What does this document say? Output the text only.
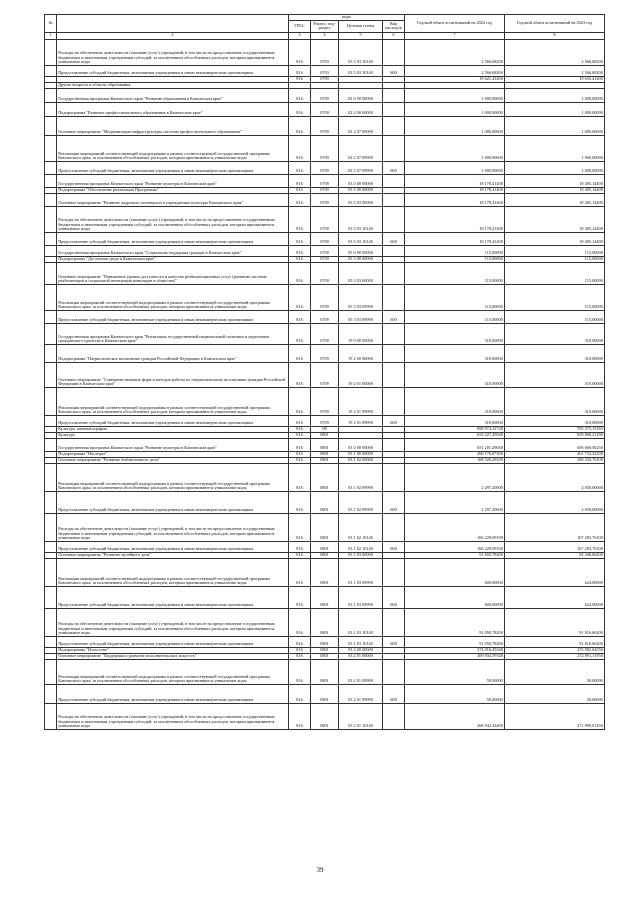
№		коды				Годовой объем ассигнований на 2022 год	Годовой объем ассигнований на 2023 год
		ГРБС	Раздел, под-раздел	Целевая статья	Вид расходов		
1	2	3	4	5	6	7	8
	Расходы на обеспечение деятельности (оказание услуг) учреждений, в том числе на предоставление государственным бюджетным и автономным учреждениям субсидий, за исключением обособленных расходов, которым присваиваются уникальные коды	816	0703	03 5 03 10140		2 566,68200	2 566,68200
	Предоставление субсидий бюджетным, автономным учреждениям и иным некоммерческим организациям	816	0703	03 5 03 10140	600	2 566,68200	2 566,68200
		816	0709			19 621,41400	19 635,41400
	Другие вопросы в области образования						
	Государственная программа Камчатского края "Развитие образования в Камчатском крае"	816	0709	02 0 00 00000		1 000,00000	1 000,00000
	Подпрограмма "Развитие профессионального образования в Камчатском крае"	816	0709	02 2 00 00000		1 000,00000	1 000,00000
	Основное мероприятие "Модернизация инфраструктуры системы профессионального образования"	816	0709	02 2 07 00000		1 000,00000	1 000,00000
	Реализация мероприятий соответствующей подпрограммы в рамках соответствующей государственной программы Камчатского края, за исключением обособленных расходов, которым присваиваются уникальные коды	816	0709	02 2 07 09990		1 000,00000	1 000,00000
	Предоставление субсидий бюджетным, автономным учреждениям и иным некоммерческим организациям	816	0709	02 2 07 09990	600	1 000,00000	1 000,00000
	Государственная программа Камчатского края "Развитие культуры в Камчатском крае"	816	0709	03 0 00 00000		18 178,41400	18 405,14400
	Подпрограмма "Обеспечение реализации Программы"	816	0709	03 5 00 00000		18 178,41400	18 405,14400
	Основное мероприятие "Развитие кадрового потенциала в учреждениях культуры Камчатского края"	816	0709	03 5 03 00000		18 178,41400	18 405,14400
	Расходы на обеспечение деятельности (оказание услуг) учреждений, в том числе на предоставление государственным бюджетным и автономным учреждениям субсидий, за исключением обособленных расходов, которым присваиваются уникальные коды	816	0709	03 5 03 10140		18 178,41400	18 405,14400
	Предоставление субсидий бюджетным, автономным учреждениям и иным некоммерческим организациям	816	0709	03 5 03 10140	600	18 178,41400	18 405,14400
	Государственная программа Камчатского края "Социальная поддержка граждан в Камчатском крае"	816	0709	05 0 00 00000		115,00000	115,00000
	Подпрограмма "Доступная среда в Камчатском крае"	816	0709	05 3 00 00000		115,00000	115,00000
	Основное мероприятие "Повышение уровня доступности и качества реабилитационных услуг (развитие системы реабилитации и социальной интеграции инвалидов в обществе)"	816	0709	05 3 03 00000		115,00000	115,00000
	Реализация мероприятий соответствующей подпрограммы в рамках соответствующей государственной программы Камчатского края, за исключением обособленных расходов, которым присваиваются уникальные коды	816	0709	05 3 03 09990		115,00000	115,00000
	Предоставление субсидий бюджетным, автономным учреждениям и иным некоммерческим организациям	816	0709	05 3 03 09990	600	115,00000	115,00000
	Государственная программа Камчатского края "Реализация государственной национальной политики и укрепление гражданского единства в Камчатском крае"	816	0709	19 0 00 00000		310,00000	310,00000
	Подпрограмма "Патриотическое воспитание граждан Российской Федерации в Камчатском крае"	816	0709	19 2 00 00000		310,00000	310,00000
	Основное мероприятие "Совершенствование форм и методов работы по патриотическому воспитанию граждан Российской Федерации в Камчатском крае"	816	0709	19 2 01 00000		310,00000	310,00000
	Реализация мероприятий соответствующей подпрограммы в рамках соответствующей государственной программы Камчатского края, за исключением обособленных расходов, которым присваиваются уникальные коды	816	0709	19 2 01 09990		310,00000	310,00000
	Предоставление субсидий бюджетным, автономным учреждениям и иным некоммерческим организациям	816	0709	19 2 01 09990	600	310,00000	310,00000
	Культура, кинематография	816	08			698 074,32748	705 375,15183
	Культура	816	0801			654 227,45048	659 868,21290
	Государственная программа Камчатского края "Развитие культуры в Камчатском крае"	816	0801	03 0 00 00000		651 201,29048	656 660,56250
	Подпрограмма "Наследие"	816	0801	03 1 00 00000		260 176,07300	261 733,42500
	Основное мероприятие "Развитие библиотечного дела"	816	0801	03 1 02 00000		168 526,29100	169 333,76100
	Реализация мероприятий соответствующей подпрограммы в рамках соответствующей государственной программы Камчатского края, за исключением обособленных расходов, которым присваиваются уникальные коды	816	0801	03 1 02 09990		2 297,20000	2 050,00000
	Предоставление субсидий бюджетным, автономным учреждениям и иным некоммерческим организациям	816	0801	03 1 02 09990	600	2 297,20000	2 050,00000
	Расходы на обеспечение деятельности (оказание услуг) учреждений, в том числе на предоставление государственным бюджетным и автономным учреждениям субсидий, за исключением обособленных расходов, которым присваиваются уникальные коды	816	0801	03 1 02 10140		166 229,09100	167 283,76100
	Предоставление субсидий бюджетным, автономным учреждениям и иным некоммерческим организациям	816	0801	03 1 02 10140	600	166 229,09100	167 283,76100
	Основное мероприятие "Развитие музейного дела"	816	0801	03 1 03 00000		91 650,78200	92 440,66200
	Реализация мероприятий соответствующей подпрограммы в рамках соответствующей государственной программы Камчатского края, за исключением обособленных расходов, которым присваиваются уникальные коды	816	0801	03 1 03 09990		600,00000	624,00000
	Предоставление субсидий бюджетным, автономным учреждениям и иным некоммерческим организациям	816	0801	03 1 03 09990	600	600,00000	624,00000
	Расходы на обеспечение деятельности (оказание услуг) учреждений, в том числе на предоставление государственным бюджетным и автономным учреждениям субсидий, за исключением обособленных расходов, которым присваиваются уникальные коды	816	0801	03 1 03 10140		91 050,78200	91 816,66200
	Предоставление субсидий бюджетным, автономным учреждениям и иным некоммерческим организациям	816	0801	03 1 03 10140	600	91 050,78200	91 816,66200
	Подпрограмма "Искусство"	816	0801	03 2 00 00000		274 016,45348	276 982,64550
	Основное мероприятие "Поддержка и развитие исполнительских искусств"	816	0801	03 2 01 00000		269 834,59348	272 891,11950
	Реализация мероприятий соответствующей подпрограммы в рамках соответствующей государственной программы Камчатского края, за исключением обособленных расходов, которым присваиваются уникальные коды	816	0801	03 2 01 09990		50,00000	50,00000
	Предоставление субсидий бюджетным, автономным учреждениям и иным некоммерческим организациям	816	0801	03 2 01 09990	600	50,00000	50,00000
	Расходы на обеспечение деятельности (оказание услуг) учреждений, в том числе на предоставление государственным бюджетным и автономным учреждениям субсидий, за исключением обособленных расходов, которым присваиваются уникальные коды	816	0801	03 2 01 10140		268 942,43400	271 999,01450
39
